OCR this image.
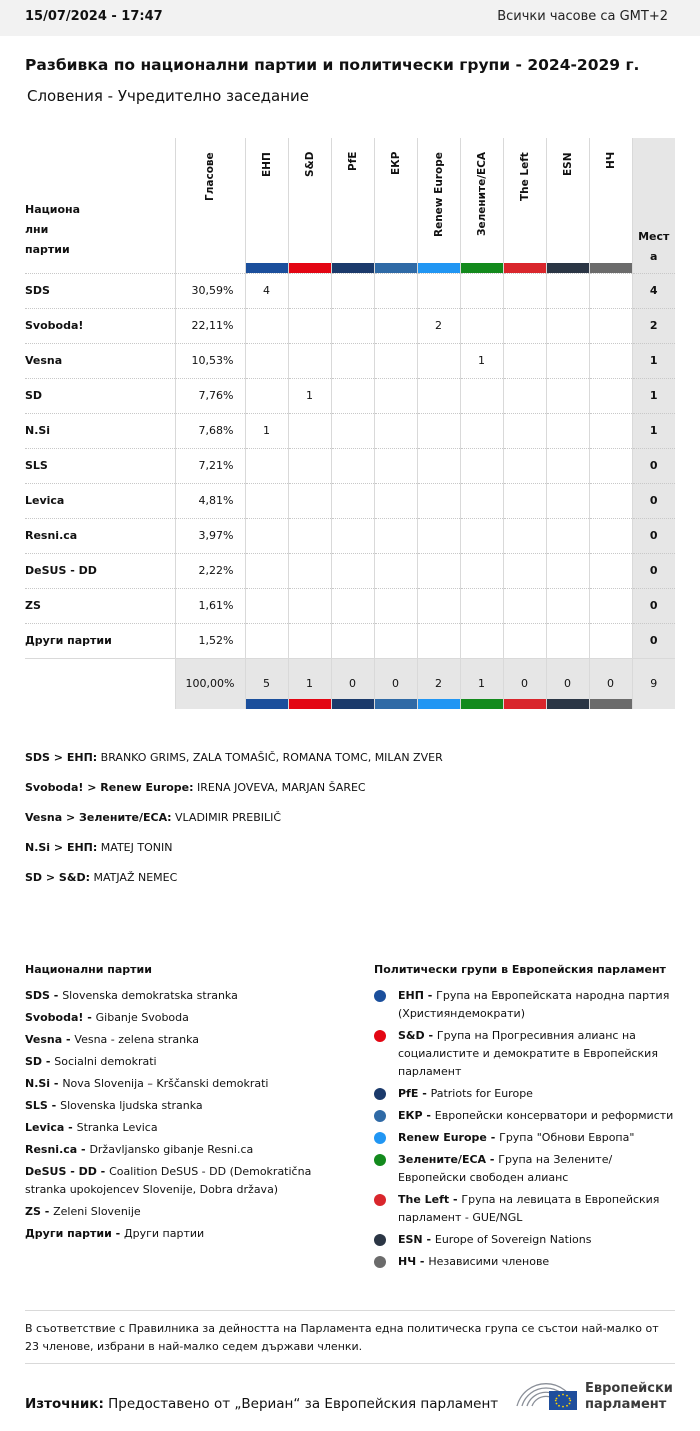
15/07/2024 - 17:47	Всички часове са GMT+2
Разбивка по национални партии и политически групи - 2024-2029 г.
Словения - Учредително заседание
Национа
лни
партии	Гласове	ЕНП	S&D	PfE	ЕКР	Renew Europe	Зелените/ЕСА	The Left	ESN	НЧ	Мест
а
SDS	30,59%	4									4
Svoboda!	22,11%					2					2
Vesna	10,53%						1				1
SD	7,76%		1								1
N.Si	7,68%	1									1
SLS	7,21%										0
Levica	4,81%										0
Resni.ca	3,97%										0
DeSUS - DD	2,22%										0
ZS	1,61%										0
Други партии	1,52%										0
	100,00%	5	1	0	0	2	1	0	0	0	9
SDS > ЕНП: BRANKO GRIMS, ZALA TOMAŠIČ, ROMANA TOMC, MILAN ZVER
Svoboda! > Renew Europe: IRENA JOVEVA, MARJAN ŠAREC
Vesna > Зелените/ЕСА: VLADIMIR PREBILIČ
N.Si > ЕНП: MATEJ TONIN
SD > S&D: MATJAŽ NEMEC
Национални партии
SDS - Slovenska demokratska stranka
Svoboda! - Gibanje Svoboda
Vesna - Vesna - zelena stranka
SD - Socialni demokrati
N.Si - Nova Slovenija – Krščanski demokrati
SLS - Slovenska ljudska stranka
Levica - Stranka Levica
Resni.ca - Državljansko gibanje Resni.ca
DeSUS - DD - Coalition DeSUS - DD (Demokratična stranka upokojencev Slovenije, Dobra država)
ZS - Zeleni Slovenije
Други партии - Други партии
Политически групи в Европейския парламент
ЕНП - Група на Европейската народна партия (Християндемократи)
S&D - Група на Прогресивния алианс на социалистите и демократите в Европейския парламент
PfE - Patriots for Europe
ЕКР - Европейски консерватори и реформисти
Renew Europe - Група "Обнови Европа"
Зелените/ЕСА - Група на Зелените/Европейски свободен алианс
The Left - Група на левицата в Европейския парламент - GUE/NGL
ESN - Europe of Sovereign Nations
НЧ - Независими членове
В съответствие с Правилника за дейността на Парламента една политическа група се състои най-малко от 23 членове, избрани в най-малко седем държави членки.
Източник: Предоставено от „Вериан“ за Европейския парламент
Европейски
парламент
